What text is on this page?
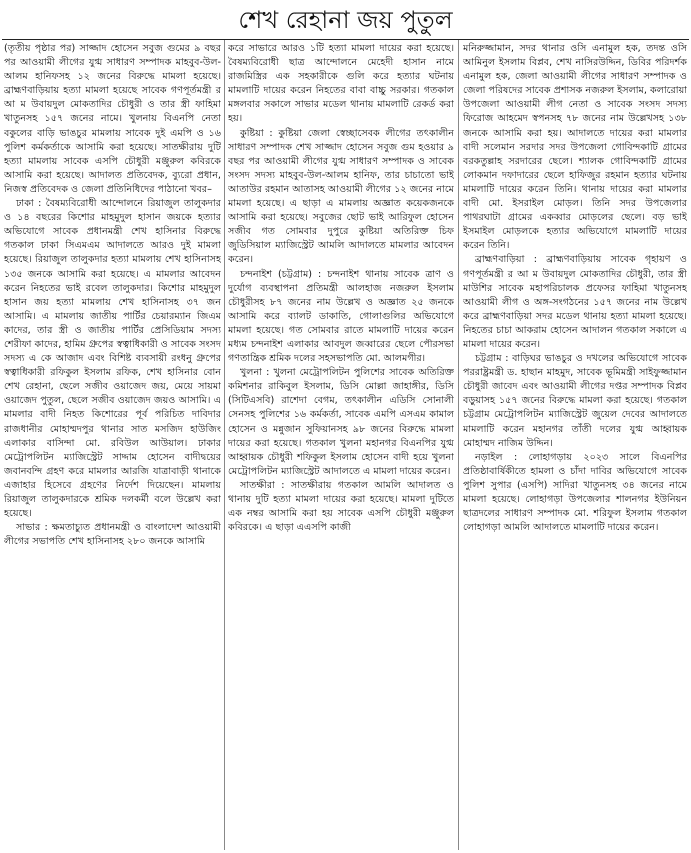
শেখ রেহানা জয় পুতুল

(তৃতীয় পৃষ্ঠার পর) সাজ্জাদ হোসেন সবুজ গুমের ৯ বছর পর আওয়ামী লীগের যুগ্ম সাধারণ সম্পাদক মাহবুব-উল-আলম হানিফসহ ১২ জনের বিরুদ্ধে মামলা হয়েছে। ব্রাহ্মণবাড়িয়ায় হত্যা মামলা হয়েছে সাবেক গণপূর্তমন্ত্রী র আ ম উবায়দুল মোকতাদির চৌধুরী ও তার স্ত্রী ফাহিমা খাতুনসহ ১৫৭ জনের নামে। খুলনায় বিএনপি নেতা বকুলের বাড়ি ভাঙচুর মামলায় সাবেক দুই এমপি ও ১৬ পুলিশ কর্মকর্তাকে আসামি করা হয়েছে। সাতক্ষীরায় দুটি হত্যা মামলায় সাবেক এসপি চৌধুরী মঞ্জুরুল কবিরকে আসামি করা হয়েছে। আদালত প্রতিবেদক, ব্যুরো প্রধান, নিজস্ব প্রতিবেদক ও জেলা প্রতিনিধিদের পাঠানো খবর–

ঢাকা : বৈষম্যবিরোধী আন্দোলনে রিয়াজুল তালুকদার ও ১৪ বছরের কিশোর মাহমুদুল হাসান জয়কে হত্যার অভিযোগে সাবেক প্রধানমন্ত্রী শেখ হাসিনার বিরুদ্ধে গতকাল ঢাকা সিএমএম আদালতে আরও দুই মামলা হয়েছে। রিয়াজুল তালুকদার হত্যা মামলায় শেখ হাসিনাসহ ১৩৫ জনকে আসামি করা হয়েছে। এ মামলার আবেদন করেন নিহতের ভাই রবেল তালুকদার। কিশোর মাহমুদুল হাসান জয় হত্যা মামলায় শেখ হাসিনাসহ ৩৭ জন আসামি। এ মামলায় জাতীয় পার্টির চেয়ারম্যান জিএম কাদের, তার স্ত্রী ও জাতীয় পার্টির প্রেসিডিয়াম সদস্য শেরীফা কাদের, হামিম গ্রুপের স্বত্বাধিকারী ও সাবেক সংসদ সদস্য এ কে আজাদ এবং বিশিষ্ট ব্যবসায়ী রংধনু গ্রুপের স্বত্বাধিকারী রফিকুল ইসলাম রফিক, শেখ হাসিনার বোন শেখ রেহানা, ছেলে সজীব ওয়াজেদ জয়, মেয়ে সায়মা ওয়াজেদ পুতুল, ছেলে সজীব ওয়াজেদ জয়ও আসামি। এ মামলার বাদী নিহত কিশোরের পূর্ব পরিচিত দাবিদার রাজধানীর মোহাম্মদপুর থানার সাত মসজিদ হাউজিং এলাকার বাসিন্দা মো. রবিউল আউয়াল। ঢাকার মেট্রোপলিটন ম্যাজিস্ট্রেট সাদ্দাম হোসেন বাদীদ্বয়ের জবানবন্দি গ্রহণ করে মামলার আরজি যাত্রাবাড়ী থানাকে এজাহার হিসেবে গ্রহণের নির্দেশ দিয়েছেন। মামলায় রিয়াজুল তালুকদারকে শ্রমিক দলকর্মী বলে উল্লেখ করা হয়েছে।

সাভার : ক্ষমতাচ্যুত প্রধানমন্ত্রী ও বাংলাদেশ আওয়ামী লীগের সভাপতি শেখ হাসিনাসহ ২৮০ জনকে আসামি

করে সাভারে আরও ১টি হত্যা মামলা দায়ের করা হয়েছে। বৈষম্যবিরোধী ছাত্র আন্দোলনে মেহেদী হাসান নামে রাজমিস্ত্রির এক সহকারীকে গুলি করে হত্যার ঘটনায় মামলাটি দায়ের করেন নিহতের বাবা বাচ্চু সরকার। গতকাল মঙ্গলবার সকালে সাভার মডেল থানায় মামলাটি রেকর্ড করা হয়।

কুষ্টিয়া : কুষ্টিয়া জেলা স্বেচ্ছাসেবক লীগের তৎকালীন সাধারণ সম্পাদক শেখ সাজ্জাদ হোসেন সবুজ গুম হওয়ার ৯ বছর পর আওয়ামী লীগের যুগ্ম সাধারণ সম্পাদক ও সাবেক সংসদ সদস্য মাহবুব-উল-আলম হানিফ, তার চাচাতো ভাই আতাউর রহমান আতাসহ আওয়ামী লীগের ১২ জনের নামে মামলা হয়েছে। এ ছাড়া এ মামলায় অজ্ঞাত কয়েকজনকে আসামি করা হয়েছে। সবুজের ছোট ভাই আরিফুল হোসেন সজীব গত সোমবার দুপুরে কুষ্টিয়া অতিরিক্ত চিফ জুডিসিয়াল ম্যাজিস্ট্রেট আমলি আদালতে মামলার আবেদন করেন।

চন্দনাইশ (চট্টগ্রাম) : চন্দনাইশ থানায় সাবেক ত্রাণ ও দুর্যোগ ব্যবস্থাপনা প্রতিমন্ত্রী আলহাজ নজরুল ইসলাম চৌধুরীসহ ৮৭ জনের নাম উল্লেখ ও অজ্ঞাত ২৫ জনকে আসামি করে ব্যালট ডাকাতি, গোলাগুলির অভিযোগে মামলা হয়েছে। গত সোমবার রাতে মামলাটি দায়ের করেন মধ্যম চন্দনাইশ এলাকার আবদুল জব্বারের ছেলে পৌরসভা গণতান্ত্রিক শ্রমিক দলের সহসভাপতি মো. আলমগীর।

খুলনা : খুলনা মেট্রোপলিটন পুলিশের সাবেক অতিরিক্ত কমিশনার রাকিবুল ইসলাম, ডিসি মোল্লা জাহাঙ্গীর, ডিসি (সিটিএসবি) রাশেদা বেগম, তৎকালীন এডিসি সোনালী সেনসহ পুলিশের ১৬ কর্মকর্তা, সাবেক এমপি এসএম কামাল হোসেন ও মন্নুজান সুফিয়ানসহ ৯৮ জনের বিরুদ্ধে মামলা দায়ের করা হয়েছে। গতকাল খুলনা মহানগর বিএনপির যুগ্ম আহ্বায়ক চৌধুরী শফিকুল ইসলাম হোসেন বাদী হয়ে খুলনা মেট্রোপলিটন ম্যাজিস্ট্রেট আদালতে এ মামলা দায়ের করেন।

সাতক্ষীরা : সাতক্ষীরায় গতকাল আমলি আদালত ও থানায় দুটি হত্যা মামলা দায়ের করা হয়েছে। মামলা দুটিতে এক নম্বর আসামি করা হয় সাবেক এসপি চৌধুরী মঞ্জুরুল কবিরকে। এ ছাড়া এএসপি কাজী

মনিরুজ্জামান, সদর থানার ওসি এনামুল হক, তদন্ত ওসি আমিনুল ইসলাম বিপ্লব, শেখ নাসিরউদ্দিন, ডিবির পরিদর্শক এনামুল হক, জেলা আওয়ামী লীগের সাধারণ সম্পাদক ও জেলা পরিষদের সাবেক প্রশাসক নজরুল ইসলাম, কলারোয়া উপজেলা আওয়ামী লীগ নেতা ও সাবেক সংসদ সদস্য ফিরোজ আহমেদ স্বপনসহ ৭৮ জনের নাম উল্লেখসহ ১৩৮ জনকে আসামি করা হয়। আদালতে দায়ের করা মামলার বাদী সলেমান সরদার সদর উপজেলা গোবিন্দকাটি গ্রামের বরকতুল্লাহ সরদারের ছেলে। শ্যালক গোবিন্দকাটি গ্রামের লোকমান দফাদারের ছেলে হাফিজুর রহমান হত্যার ঘটনায় মামলাটি দায়ের করেন তিনি। থানায় দায়ের করা মামলার বাদী মো. ইসরাইল মোড়ল। তিনি সদর উপজেলার পাথরঘাটা গ্রামের একব্বার মোড়লের ছেলে। বড় ভাই ইসমাইল মোড়লকে হত্যার অভিযোগে মামলাটি দায়ের করেন তিনি।

ব্রাহ্মণবাড়িয়া : ব্রাহ্মণবাড়িয়ায় সাবেক গৃহায়ণ ও গণপূর্তমন্ত্রী র আ ম উবায়দুল মোকতাদির চৌধুরী, তার স্ত্রী মাউশির সাবেক মহাপরিচালক প্রফেসর ফাহিমা খাতুনসহ আওয়ামী লীগ ও অঙ্গ-সংগঠনের ১৫৭ জনের নাম উল্লেখ করে ব্রাহ্মণবাড়িয়া সদর মডেল থানায় হত্যা মামলা হয়েছে। নিহতের চাচা আকরাম হোসেন আদালন গতকাল সকালে এ মামলা দায়ের করেন।

চট্টগ্রাম : বাড়িঘর ভাঙচুর ও দখলের অভিযোগে সাবেক পররাষ্ট্রমন্ত্রী ড. হাছান মাহমুদ, সাবেক ভূমিমন্ত্রী সাইফুজ্জামান চৌধুরী জাবেদ এবং আওয়ামী লীগের দপ্তর সম্পাদক বিপ্লব বড়ুয়াসহ ১৫৭ জনের বিরুদ্ধে মামলা করা হয়েছে। গতকাল চট্টগ্রাম মেট্রোপলিটন ম্যাজিস্ট্রেট জুয়েল দেবের আদালতে মামলাটি করেন মহানগর তাঁতী দলের যুগ্ম আহ্বায়ক মোহাম্মদ নাজিম উদ্দিন।

নড়াইল : লোহাগড়ায় ২০২৩ সালে বিএনপির প্রতিষ্ঠাবার্ষিকীতে হামলা ও চাঁদা দাবির অভিযোগে সাবেক পুলিশ সুপার (এসপি) সাদিরা খাতুনসহ ৩৪ জনের নামে মামলা হয়েছে। লোহাগড়া উপজেলার শালনগর ইউনিয়ন ছাত্রদলের সাধারণ সম্পাদক মো. শরিফুল ইসলাম গতকাল লোহাগড়া আমলি আদালতে মামলাটি দায়ের করেন।
